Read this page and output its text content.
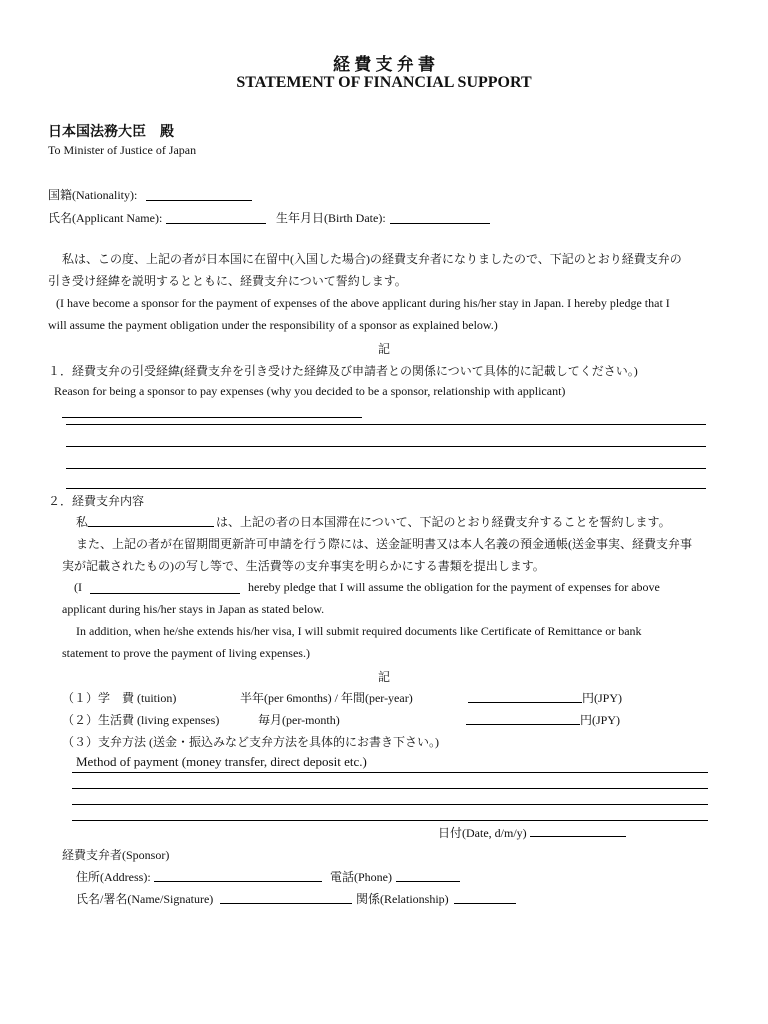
経 費 支 弁 書
STATEMENT OF FINANCIAL SUPPORT
日本国法務大臣　殿
To Minister of Justice of Japan
国籍(Nationality):
氏名(Applicant Name):	生年月日(Birth Date):
私は、この度、上記の者が日本国に在留中(入国した場合)の経費支弁者になりましたので、下記のとおり経費支弁の
引き受け経緯を説明するとともに、経費支弁について誓約します。
(I have become a sponsor for the payment of expenses of the above applicant during his/her stay in Japan. I hereby pledge that I
will assume the payment obligation under the responsibility of a sponsor as explained below.)
記
１．経費支弁の引受経緯(経費支弁を引き受けた経緯及び申請者との関係について具体的に記載してください。)
Reason for being a sponsor to pay expenses (why you decided to be a sponsor, relationship with applicant)
２．経費支弁内容
私	は、上記の者の日本国滞在について、下記のとおり経費支弁することを誓約します。
また、上記の者が在留期間更新許可申請を行う際には、送金証明書又は本人名義の預金通帳(送金事実、経費支弁事
実が記載されたもの)の写し等で、生活費等の支弁事実を明らかにする書類を提出します。
(I	hereby pledge that I will assume the obligation for the payment of expenses for above
applicant during his/her stays in Japan as stated below.
In addition, when he/she extends his/her visa, I will submit required documents like Certificate of Remittance or bank
statement to prove the payment of living expenses.)
記
（１）学　費 (tuition)	半年(per 6months) / 年間(per-year)	円(JPY)
（２）生活費 (living expenses)	毎月(per-month)	円(JPY)
（３）支弁方法 (送金・振込みなど支弁方法を具体的にお書き下さい。)
Method of payment (money transfer, direct deposit etc.)
日付(Date, d/m/y)
経費支弁者(Sponsor)
住所(Address):	電話(Phone)
氏名/署名(Name/Signature)	関係(Relationship)
